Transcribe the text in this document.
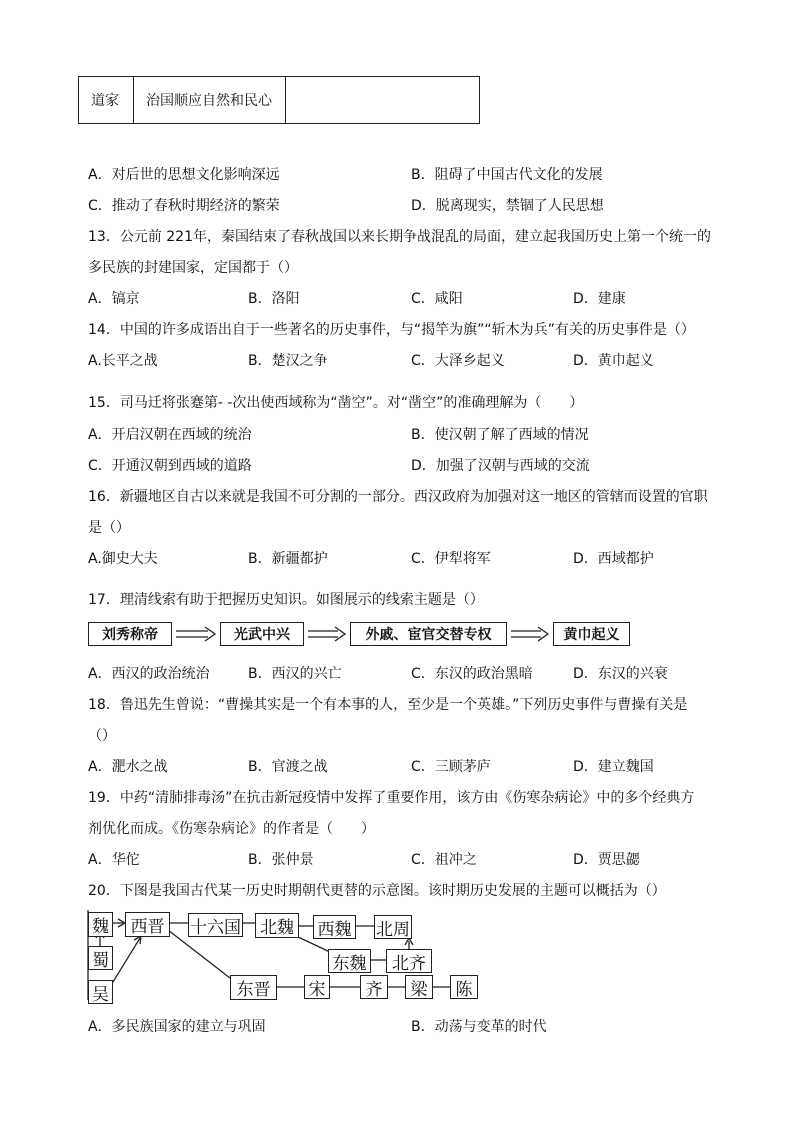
道家	治国顺应自然和民心
A．对后世的思想文化影响深远	B．阻碍了中国古代文化的发展
C．推动了春秋时期经济的繁荣	D．脱离现实，禁锢了人民思想
13．公元前 221年，秦国结束了春秋战国以来长期争战混乱的局面，建立起我国历史上第一个统一的
多民族的封建国家，定国都于（）
A．镐京	B．洛阳	C．咸阳	D．建康
14．中国的许多成语出自于一些著名的历史事件，与“揭竿为旗”“斩木为兵”有关的历史事件是（）
A.长平之战	B．楚汉之争	C．大泽乡起义	D．黄巾起义
15．司马迁将张蹇第- -次出使西域称为“凿空”。对“凿空”的准确理解为（　　）
A．开启汉朝在西域的统治	B．使汉朝了解了西域的情况
C．开通汉朝到西域的道路	D．加强了汉朝与西域的交流
16．新疆地区自古以来就是我国不可分割的一部分。西汉政府为加强对这一地区的管辖而设置的官职
是（）
A.御史大夫	B．新疆都护	C．伊犁将军	D．西域都护
17．理清线索有助于把握历史知识。如图展示的线索主题是（）
刘秀称帝	光武中兴	外戚、宦官交替专权	黄巾起义
A．西汉的政治统治	B．西汉的兴亡	C．东汉的政治黑暗	D．东汉的兴衰
18．鲁迅先生曾说：“曹操其实是一个有本事的人，至少是一个英雄。”下列历史事件与曹操有关是
（）
A．淝水之战	B．官渡之战	C．三顾茅庐	D．建立魏国
19．中药“清肺排毒汤”在抗击新冠疫情中发挥了重要作用，该方由《伤寒杂病论》中的多个经典方
剂优化而成。《伤寒杂病论》的作者是（　　）
A．华佗	B．张仲景	C．祖冲之	D．贾思勰
20．下图是我国古代某一历史时期朝代更替的示意图。该时期历史发展的主题可以概括为（）
魏
蜀
吴
西晋	十六国 北魏 西魏 北周
东魏	北齐
东晋	宋	齐	梁	陈
A．多民族国家的建立与巩固	B．动荡与变革的时代
